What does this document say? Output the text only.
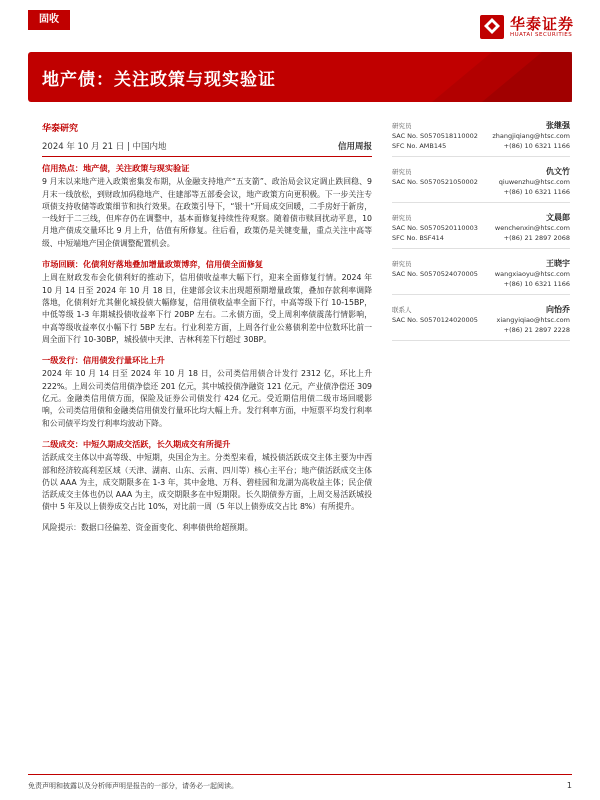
固收	华泰证券
HUATAI SECURITIES
地产债：关注政策与现实验证
华泰研究
2024 年 10 月 21 日 | 中国内地	信用周报
信用热点：地产债，关注政策与现实验证

9 月末以来地产进入政策密集发布期，从金融支持地产“五支箭”、政治局会议定调止跌回稳、9 月末一线放松，到财政加码稳地产、住建部等五部委会议，地产政策方向更积极。下一步关注专项债支持收储等政策细节和执行效果。在政策引导下，“银十”开局成交回暖，二手房好于新房，一线好于二三线，但库存仍在调整中，基本面修复持续性待观察。随着债市赎回扰动平息，10 月地产债成交量环比 9 月上升，估值有所修复。往后看，政策仍是关键变量，重点关注中高等级、中短端地产国企债调整配置机会。

市场回顾：化债利好落地叠加增量政策博弈，信用债全面修复

上周在财政发布会化债利好的推动下，信用债收益率大幅下行，迎来全面修复行情。2024 年 10 月 14 日至 2024 年 10 月 18 日，住建部会议未出现超预期增量政策，叠加存款利率调降落地，化债利好尤其催化城投债大幅修复，信用债收益率全面下行，中高等级下行 10-15BP，中低等级 1-3 年期城投债收益率下行 20BP 左右。二永债方面，受上周利率债震荡行情影响，中高等级收益率仅小幅下行 5BP 左右。行业利差方面，上周各行业公募债利差中位数环比前一周全面下行 10-30BP，城投债中天津、吉林利差下行超过 30BP。

一级发行：信用债发行量环比上升

2024 年 10 月 14 日至 2024 年 10 月 18 日，公司类信用债合计发行 2312 亿，环比上升 222%。上周公司类信用债净偿还 201 亿元，其中城投债净融资 121 亿元，产业债净偿还 309 亿元。金融类信用债方面，保险及证券公司债发行 424 亿元。受近期信用债二级市场回暖影响，公司类信用债和金融类信用债发行量环比均大幅上升。发行利率方面，中短票平均发行利率和公司债平均发行利率均波动下降。

二级成交：中短久期成交活跃，长久期成交有所提升

活跃成交主体以中高等级、中短期，央国企为主。分类型来看，城投债活跃成交主体主要为中西部和经济较高利差区域（天津、湖南、山东、云南、四川等）核心主平台；地产债活跃成交主体仍以 AAA 为主，成交期限多在 1-3 年，其中金地、万科、碧桂园和龙湖为高收益主体；民企债活跃成交主体也仍以 AAA 为主，成交期限多在中短期限。长久期债券方面，上周交易活跃城投债中 5 年及以上债券成交占比 10%，对比前一周（5 年以上债券成交占比 8%）有所提升。

风险提示：数据口径偏差、资金面变化、利率债供给超预期。
研究员	张继强
SAC No. S0570518110002 zhangjiqiang@htsc.com
SFC No. AMB145	+(86) 10 6321 1166
研究员	仇文竹
SAC No. S0570521050002	qiuwenzhu@htsc.com
+(86) 10 6321 1166
研究员	文晨郎
SAC No. S0570520110003	wenchenxin@htsc.com
SFC No. BSF414	+(86) 21 2897 2068
研究员	王晓宇
SAC No. S0570524070005	wangxiaoyu@htsc.com
+(86) 10 6321 1166
联系人	向怡乔
SAC No. S0570124020005	xiangyiqiao@htsc.com
+(86) 21 2897 2228
免责声明和披露以及分析师声明是报告的一部分，请务必一起阅读。	1
